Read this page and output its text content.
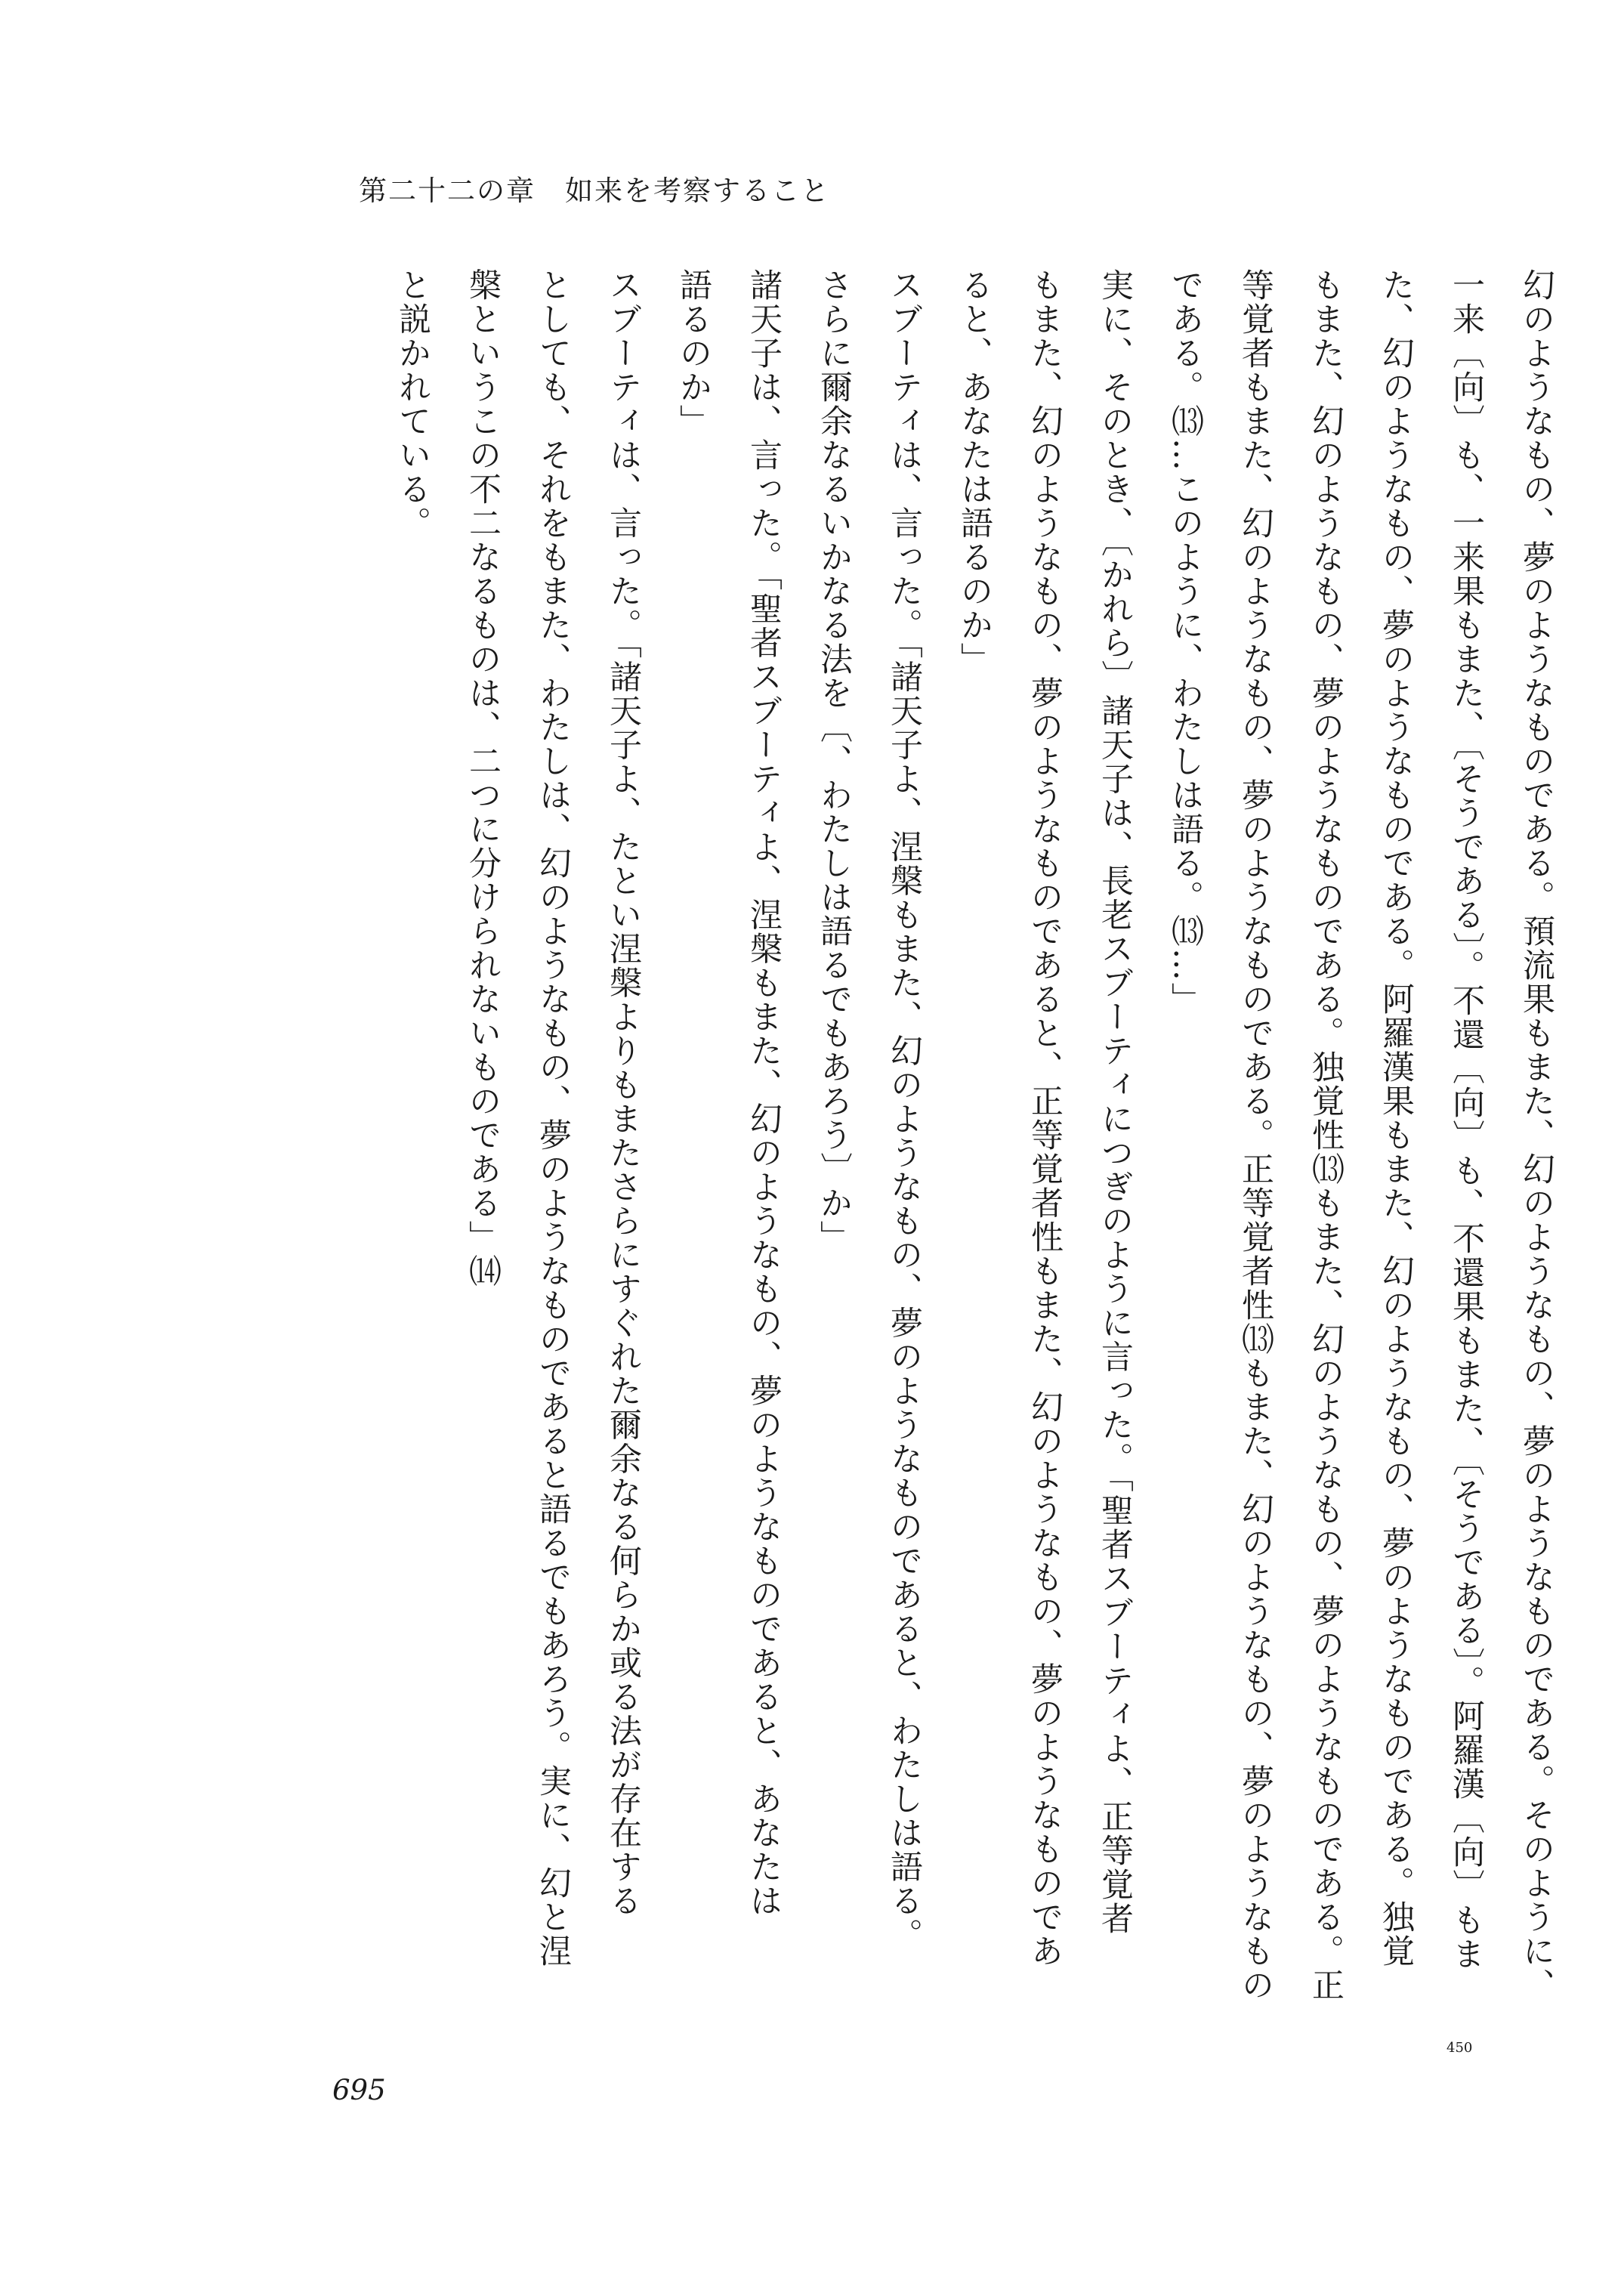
第二十二の章　如来を考察すること
幻のようなもの、夢のようなものである。預流果もまた、幻のようなもの、夢のようなものである。そのように、
一来〔向〕も、一来果もまた、〔そうである〕。不還〔向〕も、不還果もまた、〔そうである〕。阿羅漢〔向〕もま
た、幻のようなもの、夢のようなものである。阿羅漢果もまた、幻のようなもの、夢のようなものである。独覚
もまた、幻のようなもの、夢のようなものである。独覚性⒀もまた、幻のようなもの、夢のようなものである。正
等覚者もまた、幻のようなもの、夢のようなものである。正等覚者性⒀もまた、幻のようなもの、夢のようなもの
である。⒀…このように、わたしは語る。⒀…」
実に、そのとき、〔かれら〕諸天子は、長老スブーティにつぎのように言った。「聖者スブーティよ、正等覚者
もまた、幻のようなもの、夢のようなものであると、正等覚者性もまた、幻のようなもの、夢のようなものであ
ると、あなたは語るのか」
スブーティは、言った。「諸天子よ、涅槃もまた、幻のようなもの、夢のようなものであると、わたしは語る。
さらに爾余なるいかなる法を〔、わたしは語るでもあろう〕か」
諸天子は、言った。「聖者スブーティよ、涅槃もまた、幻のようなもの、夢のようなものであると、あなたは
語るのか」
スブーティは、言った。「諸天子よ、たとい涅槃よりもまたさらにすぐれた爾余なる何らか或る法が存在する
としても、それをもまた、わたしは、幻のようなもの、夢のようなものであると語るでもあろう。実に、幻と涅
槃というこの不二なるものは、二つに分けられないものである」⒁
と説かれている。
450
695
